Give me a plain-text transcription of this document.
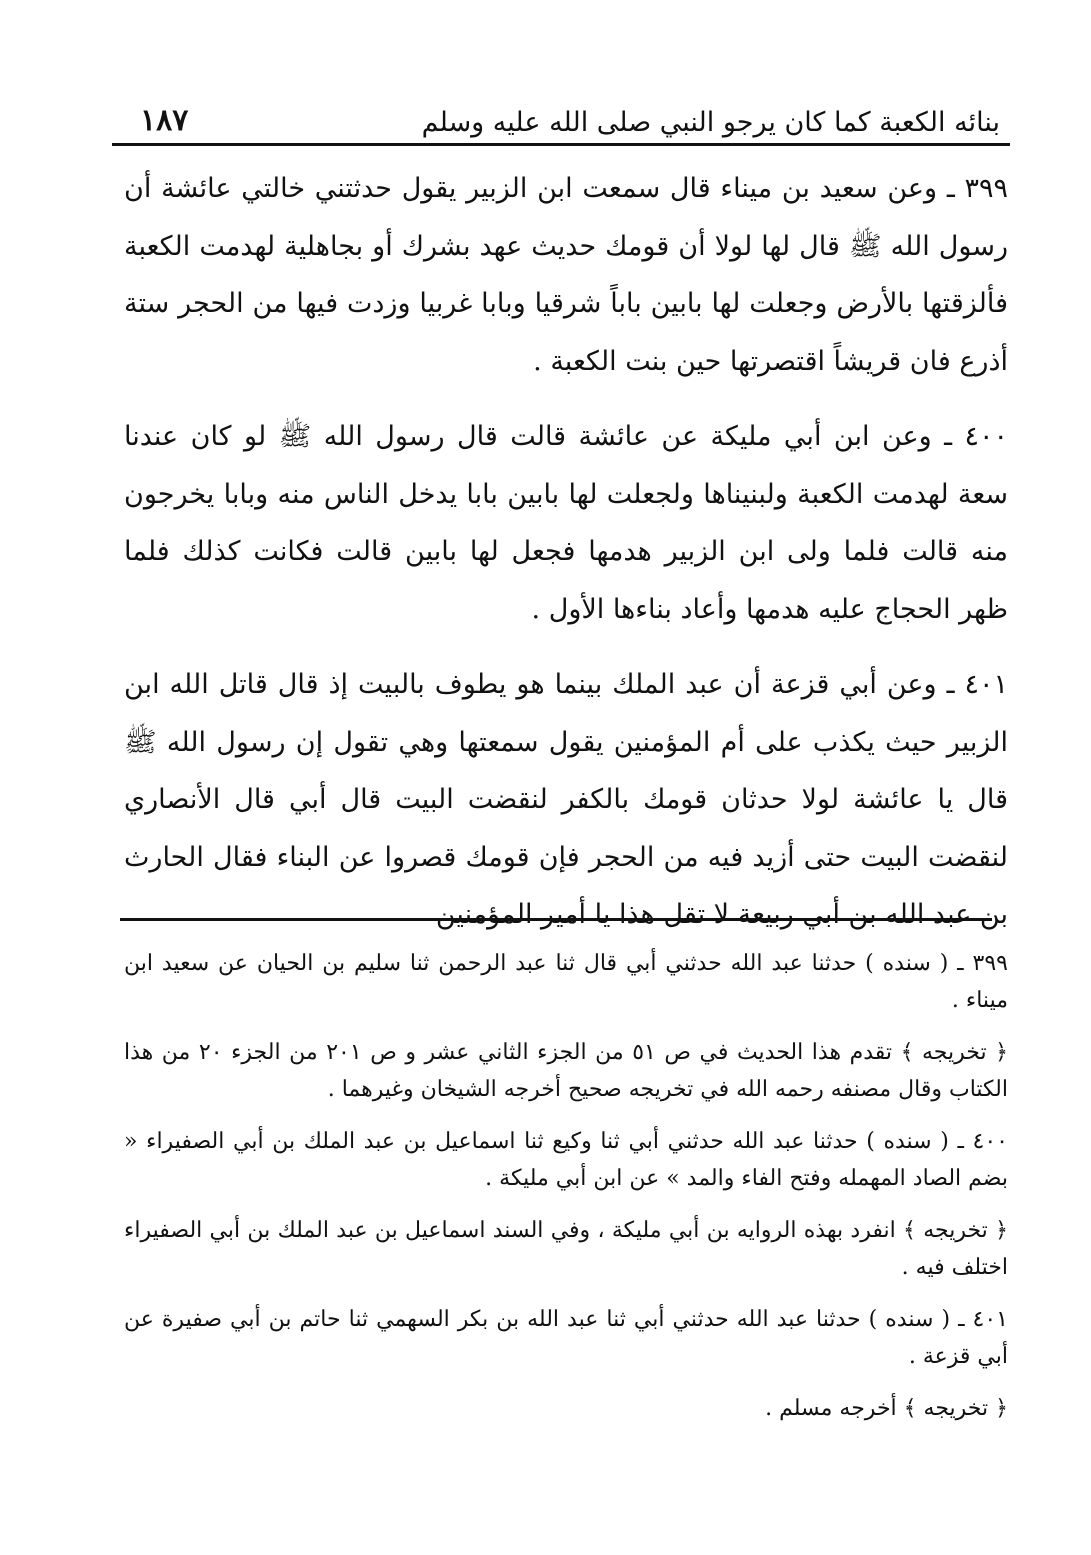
بنائه الكعبة كما كان يرجو النبي صلى الله عليه وسلم
١٨٧

٣٩٩ ـ وعن سعيد بن ميناء قال سمعت ابن الزبير يقول حدثتني خالتي عائشة أن رسول الله ﷺ قال لها لولا أن قومك حديث عهد بشرك أو بجاهلية لهدمت الكعبة فألزقتها بالأرض وجعلت لها بابين باباً شرقيا وبابا غربيا وزدت فيها من الحجر ستة أذرع فان قريشاً اقتصرتها حين بنت الكعبة .

٤٠٠ ـ وعن ابن أبي مليكة عن عائشة قالت قال رسول الله ﷺ لو كان عندنا سعة لهدمت الكعبة ولبنيناها ولجعلت لها بابين بابا يدخل الناس منه وبابا يخرجون منه قالت فلما ولى ابن الزبير هدمها فجعل لها بابين قالت فكانت كذلك فلما ظهر الحجاج عليه هدمها وأعاد بناءها الأول .

٤٠١ ـ وعن أبي قزعة أن عبد الملك بينما هو يطوف بالبيت إذ قال قاتل الله ابن الزبير حيث يكذب على أم المؤمنين يقول سمعتها وهي تقول إن رسول الله ﷺ قال يا عائشة لولا حدثان قومك بالكفر لنقضت البيت قال أبي قال الأنصاري لنقضت البيت حتى أزيد فيه من الحجر فإن قومك قصروا عن البناء فقال الحارث بن عبد الله بن أبي ربيعة لا تقل هذا يا أمير المؤمنين

٣٩٩ ـ ( سنده ) حدثنا عبد الله حدثني أبي قال ثنا عبد الرحمن ثنا سليم بن الحيان عن سعيد ابن ميناء .

﴿ تخريجه ﴾ تقدم هذا الحديث في ص ٥١ من الجزء الثاني عشر و ص ٢٠١ من الجزء ٢٠ من هذا الكتاب وقال مصنفه رحمه الله في تخريجه صحيح أخرجه الشيخان وغيرهما .

٤٠٠ ـ ( سنده ) حدثنا عبد الله حدثني أبي ثنا وكيع ثنا اسماعيل بن عبد الملك بن أبي الصفيراء « بضم الصاد المهمله وفتح الفاء والمد » عن ابن أبي مليكة .

﴿ تخريجه ﴾ انفرد بهذه الروايه بن أبي مليكة ، وفي السند اسماعيل بن عبد الملك بن أبي الصفيراء اختلف فيه .

٤٠١ ـ ( سنده ) حدثنا عبد الله حدثني أبي ثنا عبد الله بن بكر السهمي ثنا حاتم بن أبي صفيرة عن أبي قزعة .

﴿ تخريجه ﴾ أخرجه مسلم .
